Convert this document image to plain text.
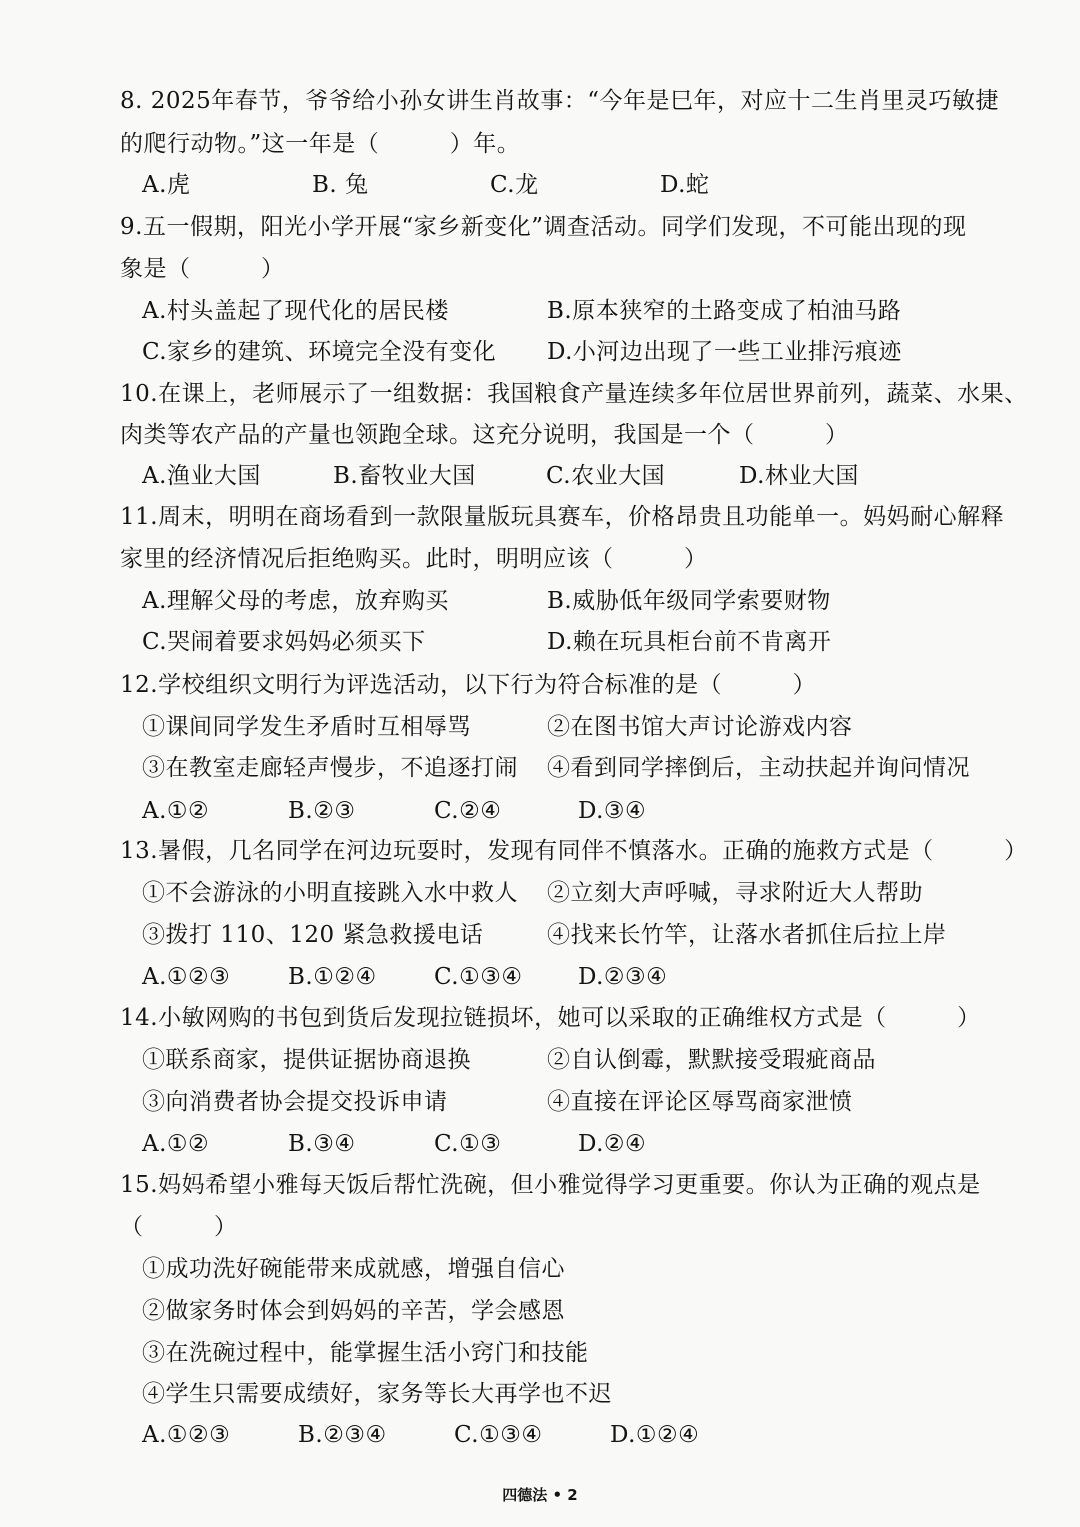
8. 2025年春节，爷爷给小孙女讲生肖故事：“今年是巳年，对应十二生肖里灵巧敏捷
的爬行动物。”这一年是（　　　）年。
A.虎	B. 兔	C.龙	D.蛇
9.五一假期，阳光小学开展“家乡新变化”调查活动。同学们发现，不可能出现的现
象是（　　　）
A.村头盖起了现代化的居民楼	B.原本狭窄的土路变成了柏油马路
C.家乡的建筑、环境完全没有变化 D.小河边出现了一些工业排污痕迹
10.在课上，老师展示了一组数据：我国粮食产量连续多年位居世界前列，蔬菜、水果、
肉类等农产品的产量也领跑全球。这充分说明，我国是一个（　　　）
A.渔业大国	B.畜牧业大国	C.农业大国	D.林业大国
11.周末，明明在商场看到一款限量版玩具赛车，价格昂贵且功能单一。妈妈耐心解释
家里的经济情况后拒绝购买。此时，明明应该（　　　）
A.理解父母的考虑，放弃购买	B.威胁低年级同学索要财物
C.哭闹着要求妈妈必须买下	D.赖在玩具柜台前不肯离开
12.学校组织文明行为评选活动，以下行为符合标准的是（　　　）
①课间同学发生矛盾时互相辱骂	②在图书馆大声讨论游戏内容
③在教室走廊轻声慢步，不追逐打闹 ④看到同学摔倒后，主动扶起并询问情况
A.①②	B.②③	C.②④	D.③④
13.暑假，几名同学在河边玩耍时，发现有同伴不慎落水。正确的施救方式是（　　　）
①不会游泳的小明直接跳入水中救人 ②立刻大声呼喊，寻求附近大人帮助
③拨打 110、120 紧急救援电话	④找来长竹竿，让落水者抓住后拉上岸
A.①②③	B.①②④ C.①③④ D.②③④
14.小敏网购的书包到货后发现拉链损坏，她可以采取的正确维权方式是（　　　）
①联系商家，提供证据协商退换	②自认倒霉，默默接受瑕疵商品
③向消费者协会提交投诉申请	④直接在评论区辱骂商家泄愤
A.①②	B.③④	C.①③	D.②④
15.妈妈希望小雅每天饭后帮忙洗碗，但小雅觉得学习更重要。你认为正确的观点是
（　　　）
①成功洗好碗能带来成就感，增强自信心
②做家务时体会到妈妈的辛苦，学会感恩
③在洗碗过程中，能掌握生活小窍门和技能
④学生只需要成绩好，家务等长大再学也不迟
A.①②③	B.②③④	C.①③④	D.①②④
四德法 • 2
